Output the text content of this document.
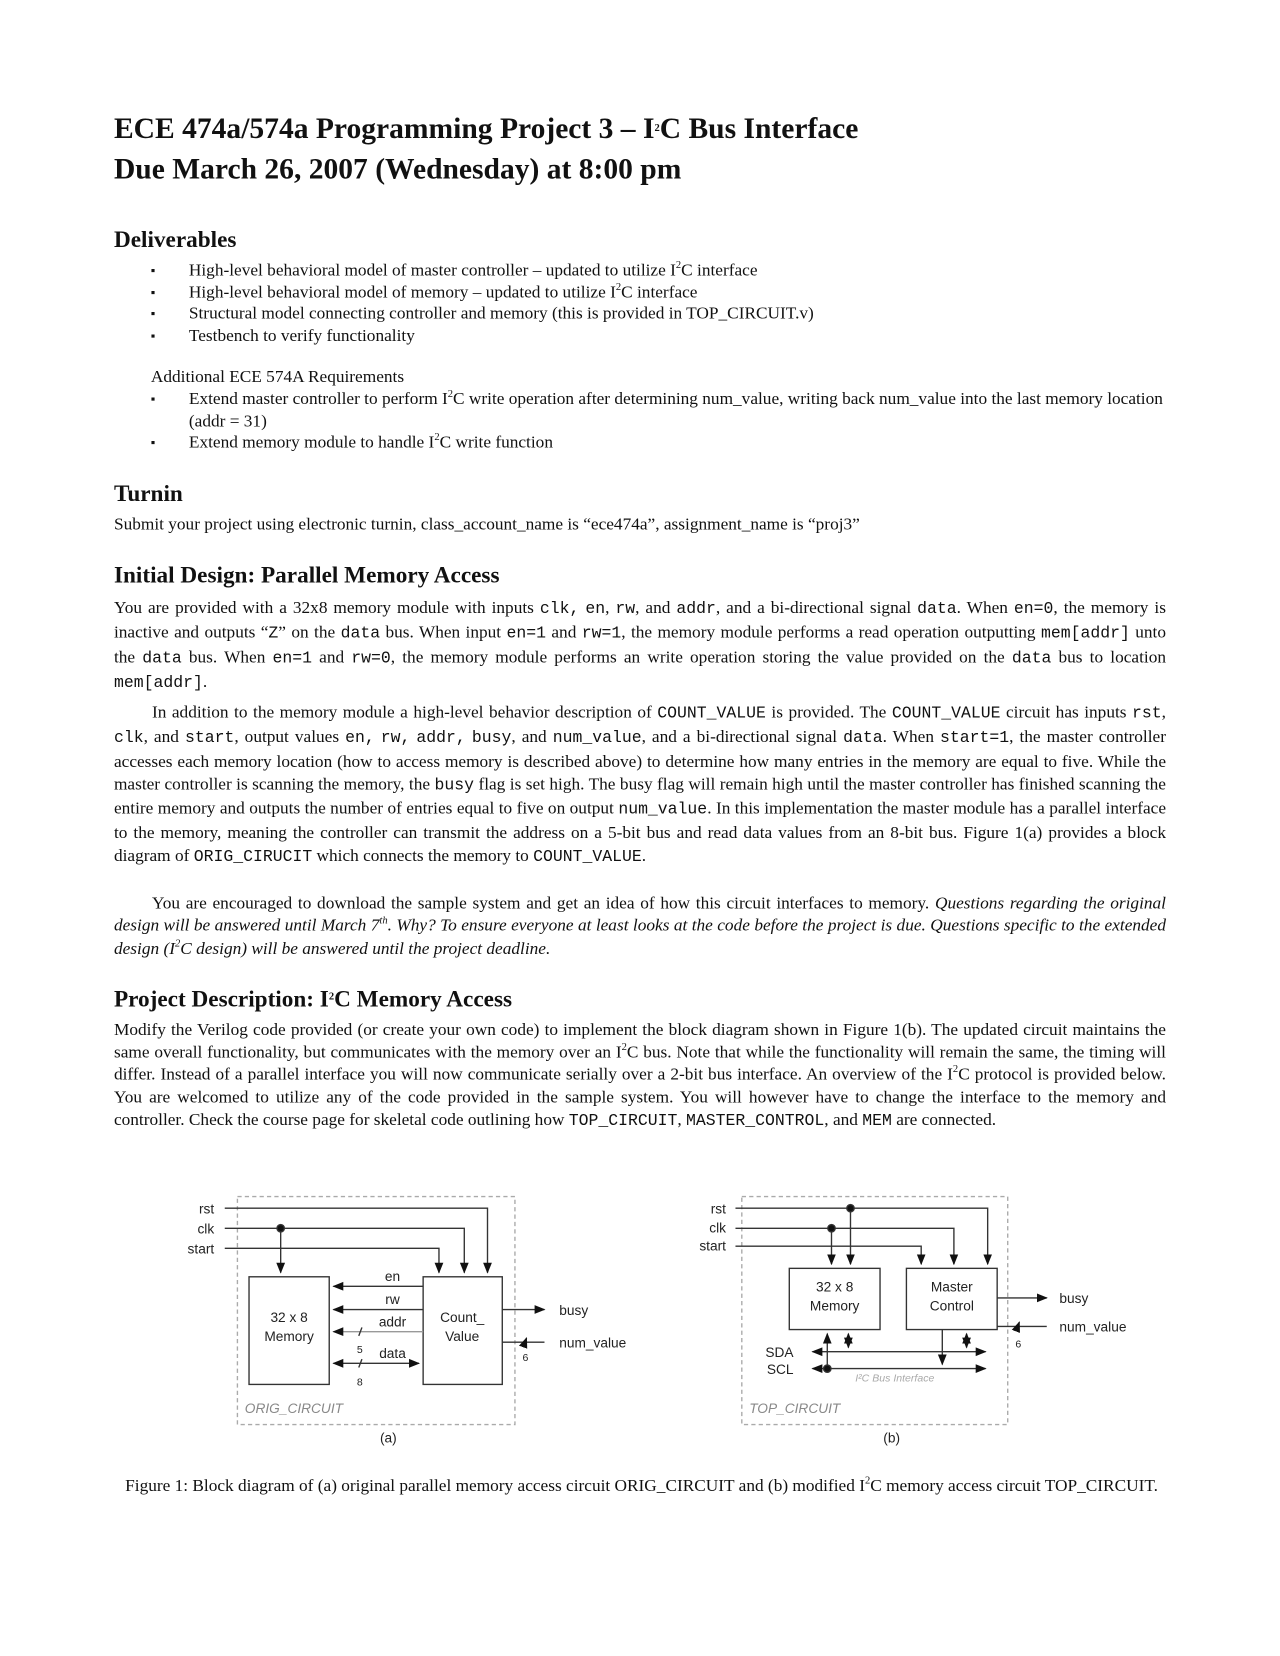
ECE 474a/574a Programming Project $3 - I^2C$ Bus Interface
Due March 26, 2007 (Wednesday) at 8:00 pm
Deliverables
▪ High-level behavioral model of master controller – updated to utilize $I^2C$ interface
▪ High-level behavioral model of memory – updated to utilize $I^2C$ interface
▪ Structural model connecting controller and memory (this is provided in TOP_CIRCUIT.v)
▪ Testbench to verify functionality
Additional ECE 574A Requirements
▪ Extend master controller to perform $I^2C$ write operation after determining num_value, writing back num_value into the last memory location (addr = 31)
▪ Extend memory module to handle $I^2C$ write function
Turnin
Submit your project using electronic turnin, class_account_name is “ece474a”, assignment_name is “proj3”
Initial Design: Parallel Memory Access
You are provided with a 32x8 memory module with inputs clk, en, rw, and addr, and a bi-directional signal data. When en=0, the memory is inactive and outputs “Z” on the data bus. When input en=1 and rw=1, the memory module performs a read operation outputting mem[addr] unto the data bus. When en=1 and rw=0, the memory module performs an write operation storing the value provided on the data bus to location mem[addr].
In addition to the memory module a high-level behavior description of COUNT_VALUE is provided. The COUNT_VALUE circuit has inputs rst, clk, and start, output values en, rw, addr, busy, and num_value, and a bi-directional signal data. When start=1, the master controller accesses each memory location (how to access memory is described above) to determine how many entries in the memory are equal to five. While the master controller is scanning the memory, the busy flag is set high. The busy flag will remain high until the master controller has finished scanning the entire memory and outputs the number of entries equal to five on output num_value. In this implementation the master module has a parallel interface to the memory, meaning the controller can transmit the address on a 5-bit bus and read data values from an 8-bit bus. Figure 1(a) provides a block diagram of ORIG_CIRUCIT which connects the memory to COUNT_VALUE.
You are encouraged to download the sample system and get an idea of how this circuit interfaces to memory. Questions regarding the original design will be answered until March 7th. Why? To ensure everyone at least looks at the code before the project is due. Questions specific to the extended design ($I^2C$ design) will be answered until the project deadline.
Project Description: $I^2C$ Memory Access
Modify the Verilog code provided (or create your own code) to implement the block diagram shown in Figure 1(b). The updated circuit maintains the same overall functionality, but communicates with the memory over an $I^2C$ bus. Note that while the functionality will remain the same, the timing will differ. Instead of a parallel interface you will now communicate serially over a 2-bit bus interface. An overview of the $I^2C$ protocol is provided below. You are welcomed to utilize any of the code provided in the sample system. You will however have to change the interface to the memory and controller. Check the course page for skeletal code outlining how TOP_CIRCUIT, MASTER_CONTROL, and MEM are connected.
rst
clk
start
32 x 8
Memory
Count_
Value
en
rw
addr
data
5
8
busy
num_value
6
ORIG_CIRCUIT
(a)
rst
clk
start
32 x 8
Memory
Master
Control	busy
num_value
6
SDA
SCL
I²C Bus Interface
TOP_CIRCUIT
(b)
Figure 1: Block diagram of (a) original parallel memory access circuit ORIG_CIRCUIT and (b) modified $I^2C$ memory access circuit TOP_CIRCUIT.
